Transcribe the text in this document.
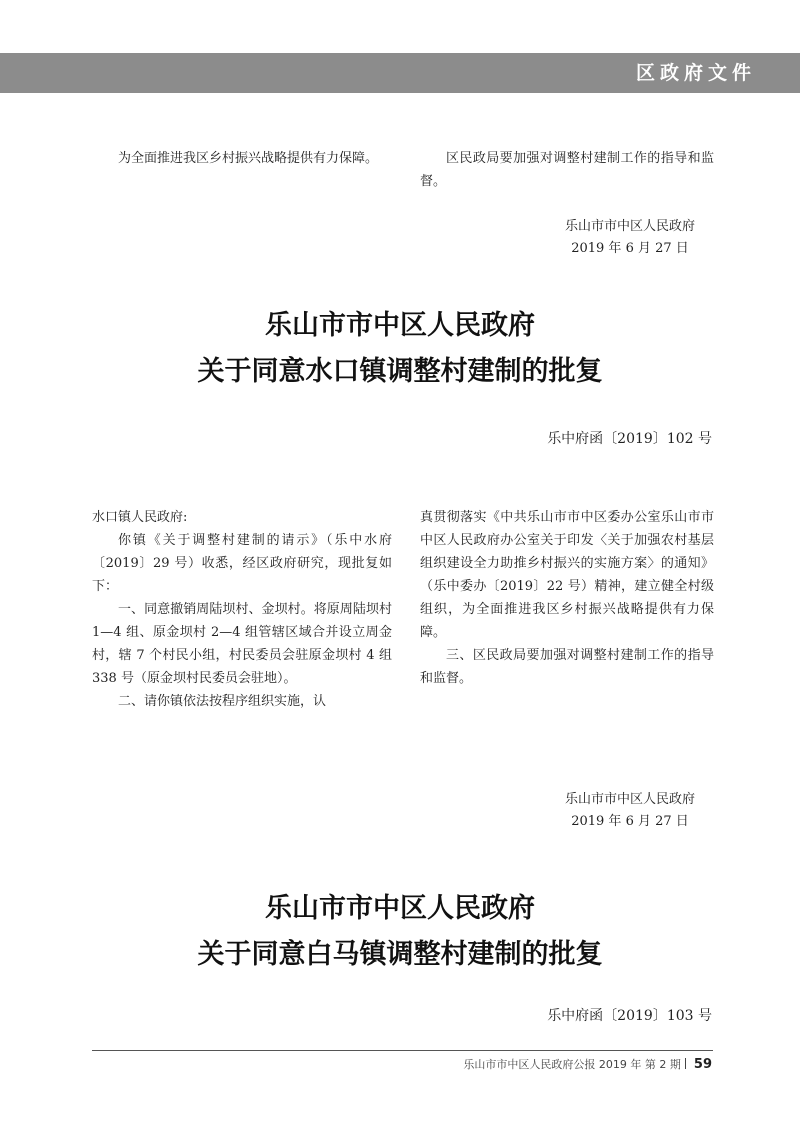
区政府文件

为全面推进我区乡村振兴战略提供有力保障。	区民政局要加强对调整村建制工作的指导和监督。

乐山市市中区人民政府
2019 年 6 月 27 日
乐山市市中区人民政府
关于同意水口镇调整村建制的批复
乐中府函〔2019〕102 号

水口镇人民政府:

你镇《关于调整村建制的请示》（乐中水府〔2019〕29 号）收悉，经区政府研究，现批复如下：

一、同意撤销周陆坝村、金坝村。将原周陆坝村 1—4 组、原金坝村 2—4 组管辖区域合并设立周金村，辖 7 个村民小组，村民委员会驻原金坝村 4 组 338 号（原金坝村民委员会驻地）。

二、请你镇依法按程序组织实施，认

真贯彻落实《中共乐山市市中区委办公室乐山市市中区人民政府办公室关于印发〈关于加强农村基层组织建设全力助推乡村振兴的实施方案〉的通知》（乐中委办〔2019〕22 号）精神，建立健全村级组织，为全面推进我区乡村振兴战略提供有力保障。

三、区民政局要加强对调整村建制工作的指导和监督。

乐山市市中区人民政府
2019 年 6 月 27 日
乐山市市中区人民政府
关于同意白马镇调整村建制的批复
乐中府函〔2019〕103 号
乐山市市中区人民政府公报 2019 年 第 2 期 59
